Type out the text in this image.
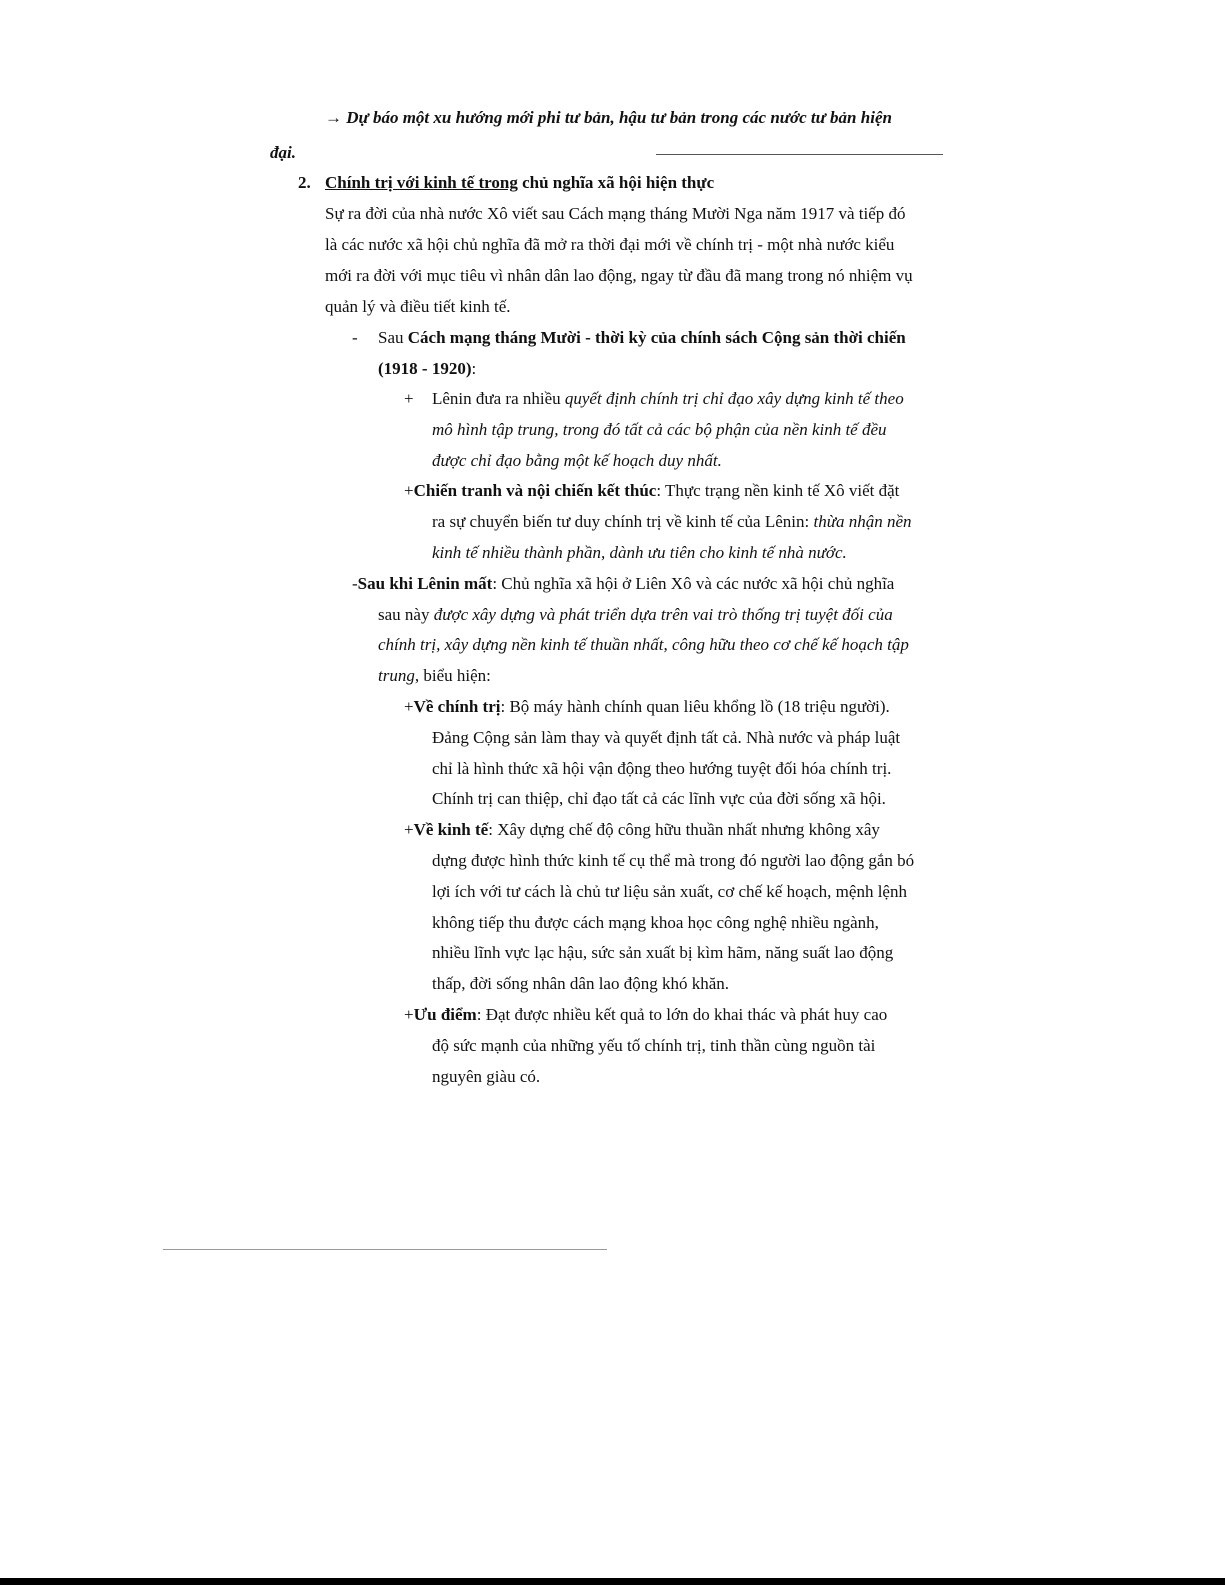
→ Dự báo một xu hướng mới phi tư bản, hậu tư bản trong các nước tư bản hiện
đại.
2. Chính trị với kinh tế trong chủ nghĩa xã hội hiện thực
Sự ra đời của nhà nước Xô viết sau Cách mạng tháng Mười Nga năm 1917 và tiếp đó
là các nước xã hội chủ nghĩa đã mở ra thời đại mới về chính trị - một nhà nước kiểu
mới ra đời với mục tiêu vì nhân dân lao động, ngay từ đầu đã mang trong nó nhiệm vụ
quản lý và điều tiết kinh tế.
- Sau Cách mạng tháng Mười - thời kỳ của chính sách Cộng sản thời chiến
(1918 - 1920):
+ Lênin đưa ra nhiều quyết định chính trị chỉ đạo xây dựng kinh tế theo
mô hình tập trung, trong đó tất cả các bộ phận của nền kinh tế đều
được chỉ đạo bằng một kế hoạch duy nhất.
+Chiến tranh và nội chiến kết thúc: Thực trạng nền kinh tế Xô viết đặt
ra sự chuyển biến tư duy chính trị về kinh tế của Lênin: thừa nhận nền
kinh tế nhiều thành phần, dành ưu tiên cho kinh tế nhà nước.
-Sau khi Lênin mất: Chủ nghĩa xã hội ở Liên Xô và các nước xã hội chủ nghĩa
sau này được xây dựng và phát triển dựa trên vai trò thống trị tuyệt đối của
chính trị, xây dựng nền kinh tế thuần nhất, công hữu theo cơ chế kế hoạch tập
trung, biểu hiện:
+Về chính trị: Bộ máy hành chính quan liêu khổng lồ (18 triệu người).
Đảng Cộng sản làm thay và quyết định tất cả. Nhà nước và pháp luật
chỉ là hình thức xã hội vận động theo hướng tuyệt đối hóa chính trị.
Chính trị can thiệp, chỉ đạo tất cả các lĩnh vực của đời sống xã hội.
+Về kinh tế: Xây dựng chế độ công hữu thuần nhất nhưng không xây
dựng được hình thức kinh tế cụ thể mà trong đó người lao động gắn bó
lợi ích với tư cách là chủ tư liệu sản xuất, cơ chế kế hoạch, mệnh lệnh
không tiếp thu được cách mạng khoa học công nghệ nhiều ngành,
nhiều lĩnh vực lạc hậu, sức sản xuất bị kìm hãm, năng suất lao động
thấp, đời sống nhân dân lao động khó khăn.
+Ưu điểm: Đạt được nhiều kết quả to lớn do khai thác và phát huy cao
độ sức mạnh của những yếu tố chính trị, tinh thần cùng nguồn tài
nguyên giàu có.
